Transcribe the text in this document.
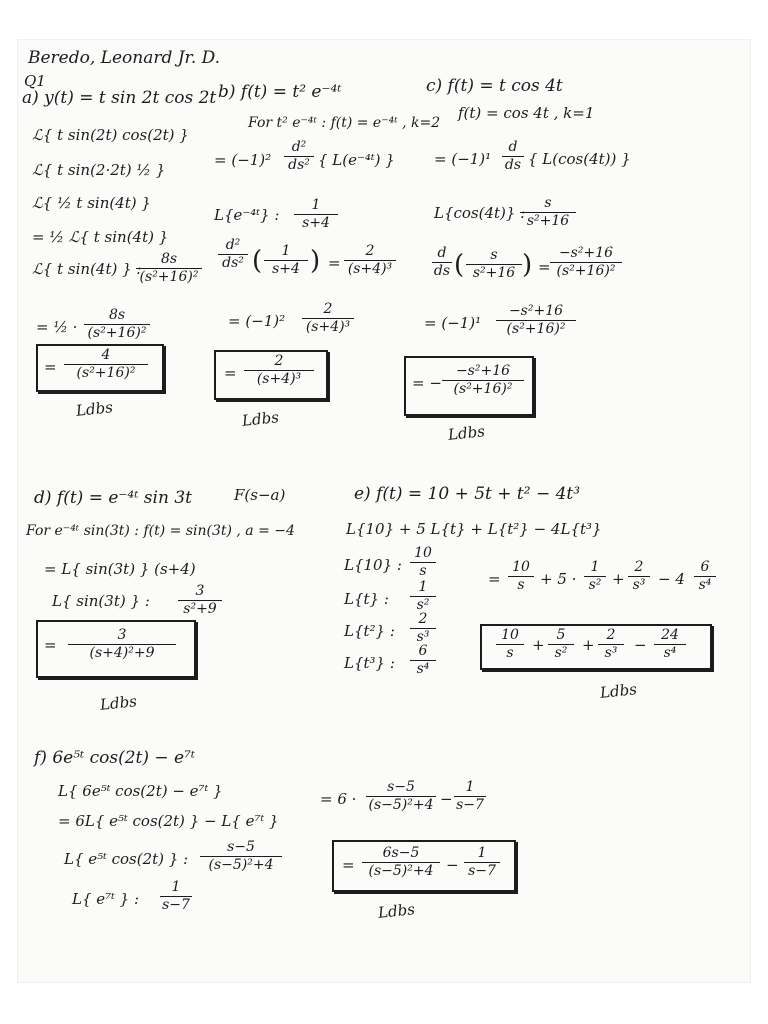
Beredo, Leonard Jr. D.
Q1
a) y(t) = t sin 2t cos 2t
ℒ{ t sin(2t) cos(2t) }
ℒ{ t sin(2·2t) ½ }
ℒ{ ½ t sin(4t) }
= ½ ℒ{ t sin(4t) }
ℒ{ t sin(4t) } :
8s
(s²+16)²
= ½ ·
8s
(s²+16)²
=
4
(s²+16)²
Ldbs
b) f(t) = t² e⁻⁴ᵗ
For t² e⁻⁴ᵗ : f(t) = e⁻⁴ᵗ , k=2
= (−1)²
d²
ds² { L(e⁻⁴ᵗ) }
L{e⁻⁴ᵗ} :
1
s+4
d²
ds² (	1
s+4 ) =
2
(s+4)³
= (−1)²
2
(s+4)³
=
2
(s+4)³
Ldbs
c) f(t) = t cos 4t
f(t) = cos 4t , k=1
= (−1)¹
d
ds { L(cos(4t)) }
L{cos(4t)} :
s
s²+16
d
ds (	s
s²+16 ) =
−s²+16
(s²+16)²
= (−1)¹
−s²+16
(s²+16)²
= −
−s²+16
(s²+16)²
Ldbs
d) f(t) = e⁻⁴ᵗ sin 3t	F(s−a)
For e⁻⁴ᵗ sin(3t) : f(t) = sin(3t) , a = −4
= L{ sin(3t) } (s+4)
L{ sin(3t) } :
3
s²+9
=
3
(s+4)²+9
Ldbs
e) f(t) = 10 + 5t + t² − 4t³
L{10} + 5 L{t} + L{t²} − 4L{t³}
L{10} :
10
s
L{t} :
1
s²
L{t²} :
2
s³
L{t³} :
6
s⁴
=
10
s	+ 5 ·
1
s² +
2
s³ − 4
6
s⁴
10
s	+
5
s² +
2
s³	−
24
s⁴
Ldbs
f) 6e⁵ᵗ cos(2t) − e⁷ᵗ
L{ 6e⁵ᵗ cos(2t) − e⁷ᵗ }
= 6L{ e⁵ᵗ cos(2t) } − L{ e⁷ᵗ }
L{ e⁵ᵗ cos(2t) } :
s−5
(s−5)²+4
L{ e⁷ᵗ } :
1
s−7
= 6 ·
s−5
(s−5)²+4 −
1
s−7
=
6s−5
(s−5)²+4 −
1
s−7
Ldbs
